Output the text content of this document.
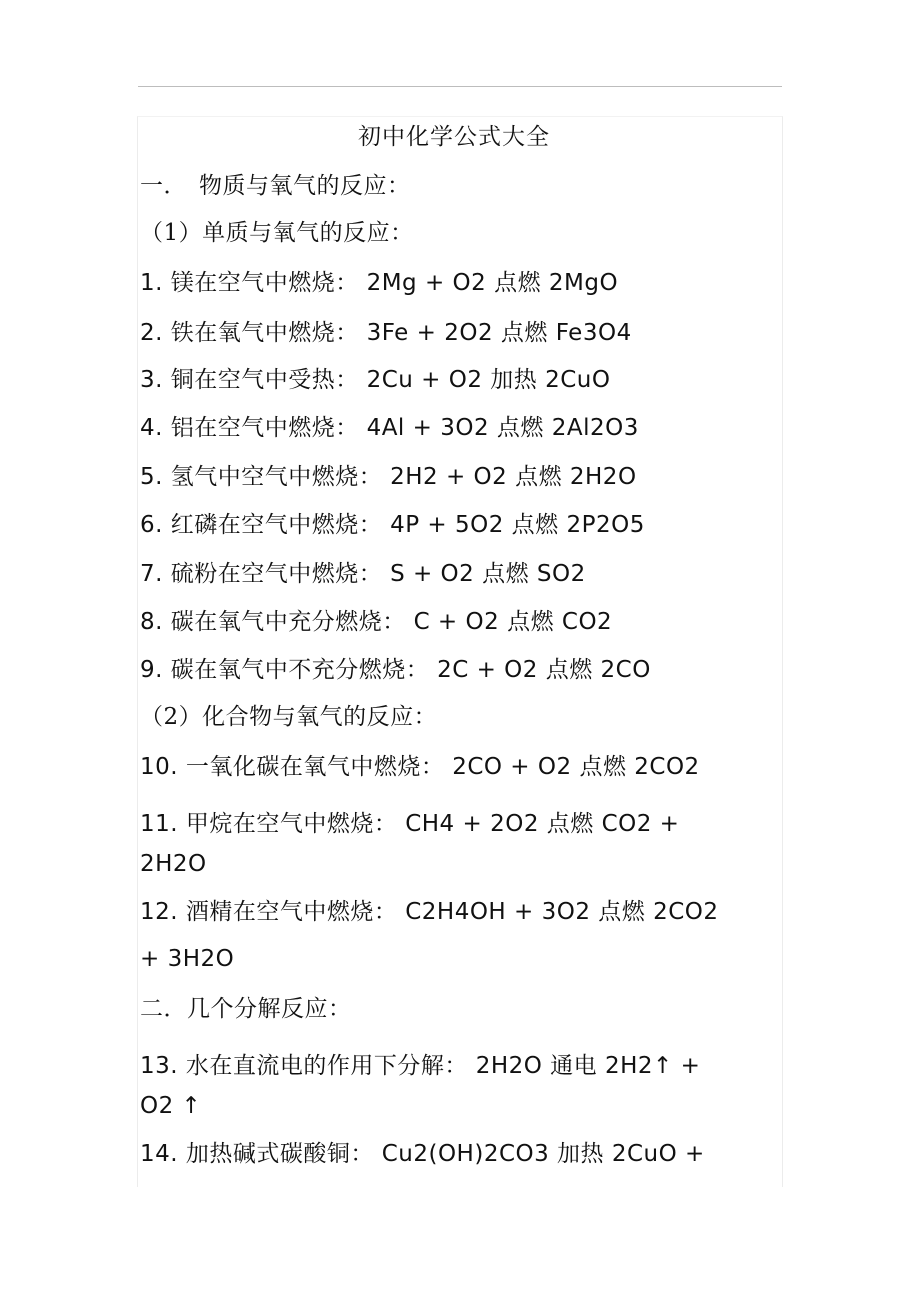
初中化学公式大全
一．　物质与氧气的反应：
（1）单质与氧气的反应：
1. 镁在空气中燃烧： 2Mg + O2 点燃 2MgO
2. 铁在氧气中燃烧： 3Fe + 2O2 点燃 Fe3O4
3. 铜在空气中受热： 2Cu + O2 加热 2CuO
4. 铝在空气中燃烧： 4Al + 3O2 点燃 2Al2O3
5. 氢气中空气中燃烧： 2H2 + O2 点燃 2H2O
6. 红磷在空气中燃烧： 4P + 5O2 点燃 2P2O5
7. 硫粉在空气中燃烧： S + O2 点燃 SO2
8. 碳在氧气中充分燃烧： C + O2 点燃 CO2
9. 碳在氧气中不充分燃烧： 2C + O2 点燃 2CO
（2）化合物与氧气的反应：
10. 一氧化碳在氧气中燃烧： 2CO + O2 点燃 2CO2
11. 甲烷在空气中燃烧： CH4 + 2O2 点燃 CO2 +
2H2O
12. 酒精在空气中燃烧： C2H4OH + 3O2 点燃 2CO2
+ 3H2O
二．几个分解反应：
13. 水在直流电的作用下分解： 2H2O 通电 2H2↑ +
O2 ↑
14. 加热碱式碳酸铜： Cu2(OH)2CO3 加热 2CuO +
